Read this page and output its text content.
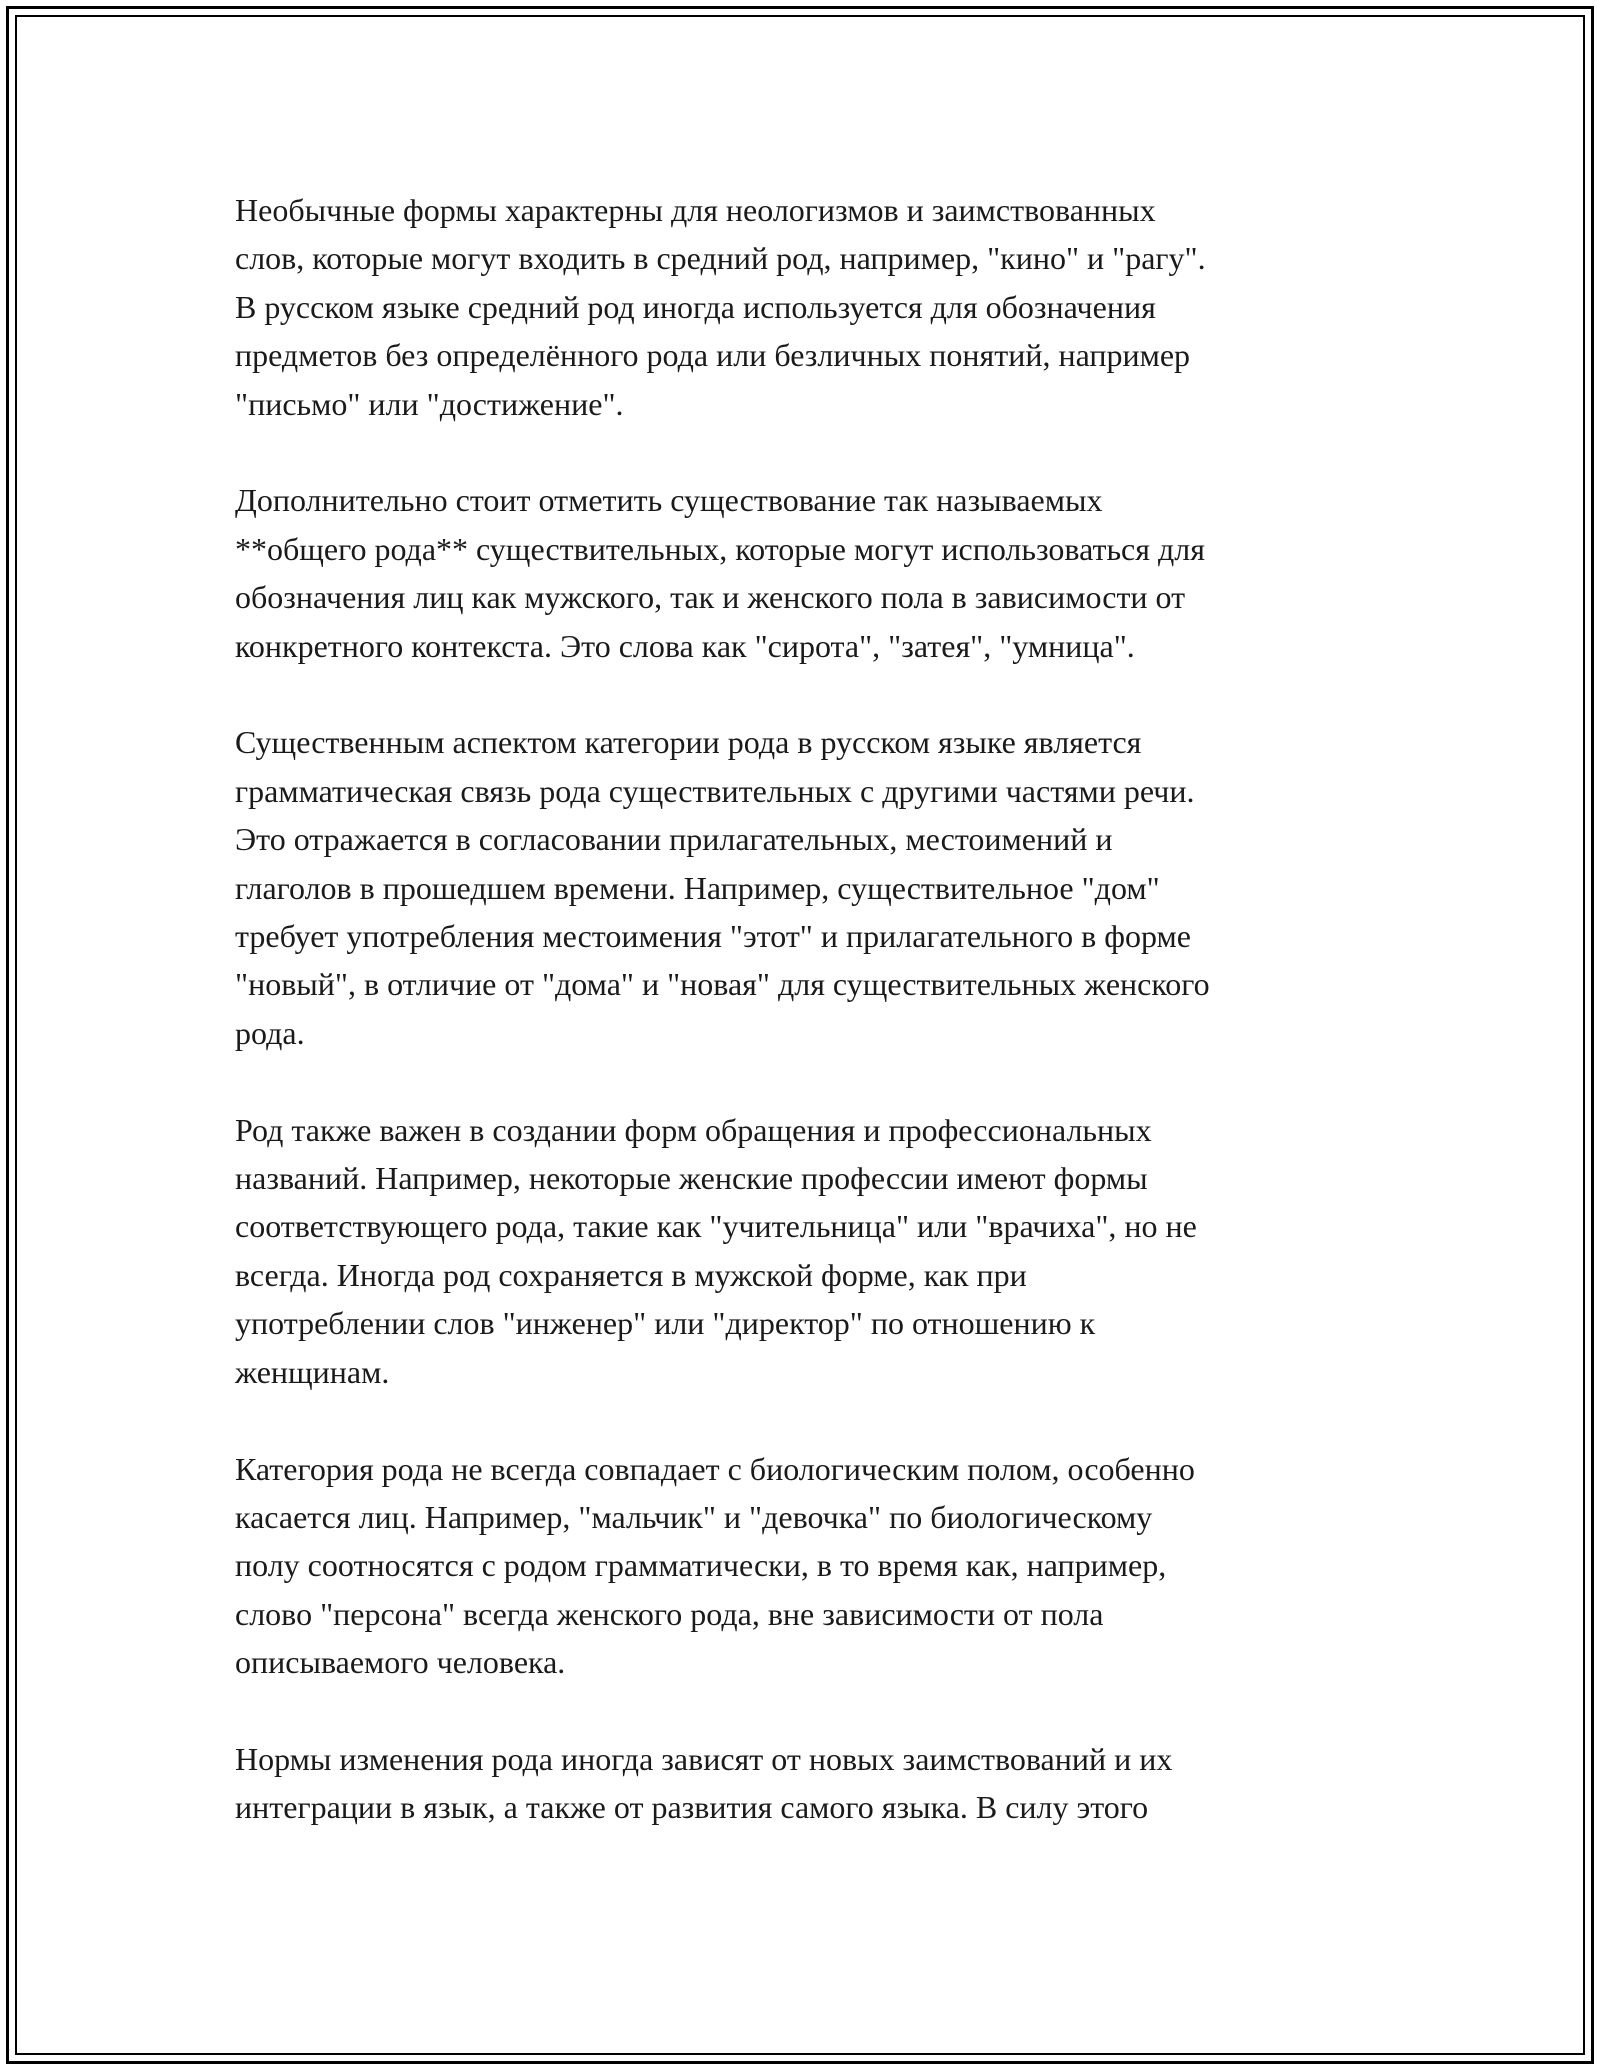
Необычные формы характерны для неологизмов и заимствованных
слов, которые могут входить в средний род, например, "кино" и "рагу".
В русском языке средний род иногда используется для обозначения
предметов без определённого рода или безличных понятий, например
"письмо" или "достижение".

Дополнительно стоит отметить существование так называемых
**общего рода** существительных, которые могут использоваться для
обозначения лиц как мужского, так и женского пола в зависимости от
конкретного контекста. Это слова как "сирота", "затея", "умница".

Существенным аспектом категории рода в русском языке является
грамматическая связь рода существительных с другими частями речи.
Это отражается в согласовании прилагательных, местоимений и
глаголов в прошедшем времени. Например, существительное "дом"
требует употребления местоимения "этот" и прилагательного в форме
"новый", в отличие от "дома" и "новая" для существительных женского
рода.

Род также важен в создании форм обращения и профессиональных
названий. Например, некоторые женские профессии имеют формы
соответствующего рода, такие как "учительница" или "врачиха", но не
всегда. Иногда род сохраняется в мужской форме, как при
употреблении слов "инженер" или "директор" по отношению к
женщинам.

Категория рода не всегда совпадает с биологическим полом, особенно
касается лиц. Например, "мальчик" и "девочка" по биологическому
полу соотносятся с родом грамматически, в то время как, например,
слово "персона" всегда женского рода, вне зависимости от пола
описываемого человека.

Нормы изменения рода иногда зависят от новых заимствований и их
интеграции в язык, а также от развития самого языка. В силу этого
